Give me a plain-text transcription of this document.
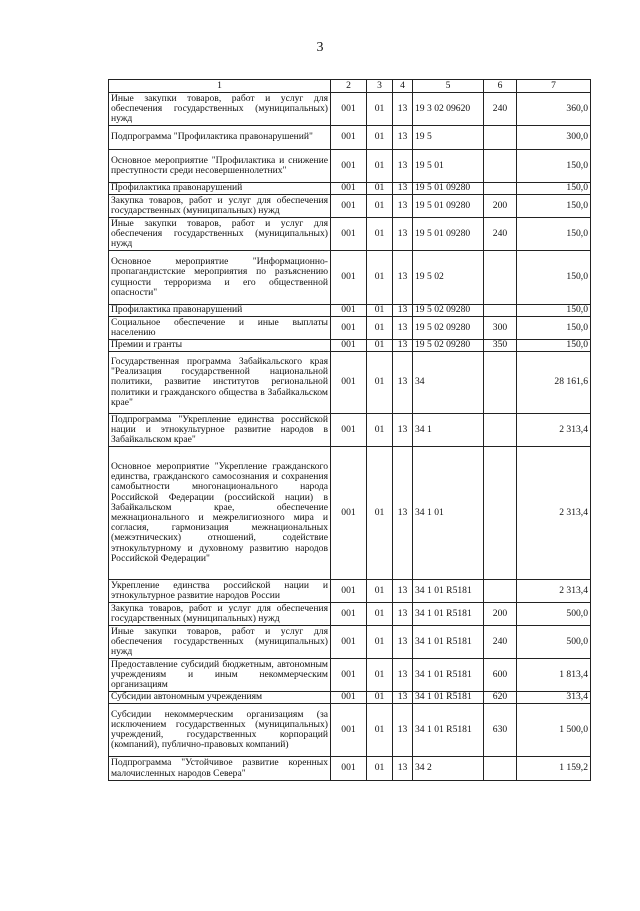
3
1	2	3	4	5	6	7
Иные закупки товаров, работ и услуг для обеспечения государственных (муниципальных) нужд	001	01	13	19 3 02 09620	240	360,0
Подпрограмма "Профилактика правонарушений"	001	01	13	19 5		300,0
Основное мероприятие "Профилактика и снижение преступности среди несовершеннолетних"	001	01	13	19 5 01		150,0
Профилактика правонарушений	001	01	13	19 5 01 09280		150,0
Закупка товаров, работ и услуг для обеспечения государственных (муниципальных) нужд	001	01	13	19 5 01 09280	200	150,0
Иные закупки товаров, работ и услуг для обеспечения государственных (муниципальных) нужд	001	01	13	19 5 01 09280	240	150,0
Основное мероприятие "Информационно-пропагандистские мероприятия по разъяснению сущности терроризма и его общественной опасности"	001	01	13	19 5 02		150,0
Профилактика правонарушений	001	01	13	19 5 02 09280		150,0
Социальное обеспечение и иные выплаты населению	001	01	13	19 5 02 09280	300	150,0
Премии и гранты	001	01	13	19 5 02 09280	350	150,0
Государственная программа Забайкальского края "Реализация государственной национальной политики, развитие институтов региональной политики и гражданского общества в Забайкальском крае"	001	01	13	34		28 161,6
Подпрограмма "Укрепление единства российской нации и этнокультурное развитие народов в Забайкальском крае"	001	01	13	34 1		2 313,4
Основное мероприятие "Укрепление гражданского единства, гражданского самосознания и сохранения самобытности многонационального народа Российской Федерации (российской нации) в Забайкальском крае, обеспечение межнационального и межрелигиозного мира и согласия, гармонизация межнациональных (межэтнических) отношений, содействие этнокультурному и духовному развитию народов Российской Федерации"	001	01	13	34 1 01		2 313,4
Укрепление единства российской нации и этнокультурное развитие народов России	001	01	13	34 1 01 R5181		2 313,4
Закупка товаров, работ и услуг для обеспечения государственных (муниципальных) нужд	001	01	13	34 1 01 R5181	200	500,0
Иные закупки товаров, работ и услуг для обеспечения государственных (муниципальных) нужд	001	01	13	34 1 01 R5181	240	500,0
Предоставление субсидий бюджетным, автономным учреждениям и иным некоммерческим организациям	001	01	13	34 1 01 R5181	600	1 813,4
Субсидии автономным учреждениям	001	01	13	34 1 01 R5181	620	313,4
Субсидии некоммерческим организациям (за исключением государственных (муниципальных) учреждений, государственных корпораций (компаний), публично-правовых компаний)	001	01	13	34 1 01 R5181	630	1 500,0
Подпрограмма "Устойчивое развитие коренных малочисленных народов Севера"	001	01	13	34 2		1 159,2
